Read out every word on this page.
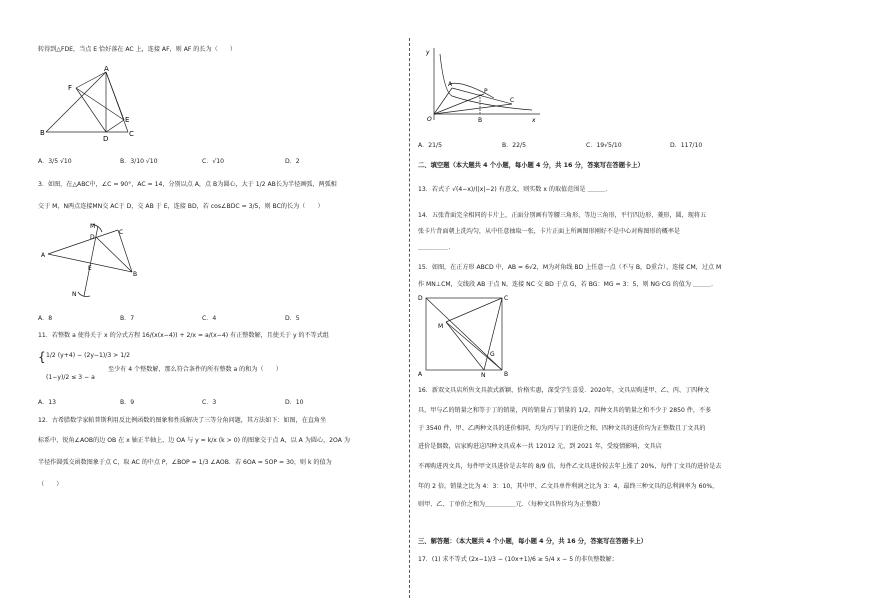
转得到△FDE，当点 E 恰好落在 AC 上，连接 AF，则 AF 的长为（　　）
A
F
B
D
E
C
A．3/5 √10	B．3/10 √10	C．√10	D．2
3．如图，在△ABC中，∠C = 90°，AC = 14，分别以点 A，点 B为圆心，大于 1/2 AB长为半径画弧，两弧相
交于 M，N两点连接MN交 AC于 D，交 AB 于 E，连接 BD，若 cos∠BDC = 3/5，则 BC的长为（　　）
M
D
C
A
E
B
N
A．8	B．7	C．4	D．5
11．若整数 a 使得关于 x 的分式方程 16/(x(x−4)) + 2/x = a/(x−4) 有正整数解，且使关于 y 的不等式组
{ 1/2 (y+4) − (2y−1)/3 > 1/2
(1−y)/2 ≤ 3 − a
至少有 4 个整数解，那么符合条件的所有整数 a 的和为（　　）
A．13	B．9	C．3	D．10
12．古希腊数学家帕普斯利用反比例函数的图象和性质解决了三等分角问题，其方法如下：如图，在直角坐
标系中，锐角∠AOB的边 OB 在 x 轴正半轴上，边 OA 与 y = k/x (k > 0) 的图象交于点 A，以 A 为圆心，2OA 为
半径作圆弧交函数图象于点 C，取 AC 的中点 P，∠BOP = 1/3 ∠AOB．若 6OA = 5OP = 30，则 k 的值为
（　　）
y
A
P
C
O	B	x
A．21/5	B．22/5	C．19√5/10	D．117/10
二、填空题（本大题共 4 个小题，每小题 4 分，共 16 分，答案写在答题卡上）
13．若式子 √(4−x)/(|x|−2) 有意义，则实数 x 的取值范围是 ＿＿＿．
14．五张背面完全相同的卡片上，正面分别画有等腰三角形，等边三角形，平行四边形，菱形，圆，现将五
张卡片背面朝上洗均匀，从中任意抽取一张，卡片正面上所画图形刚好不是中心对称图形的概率是
＿＿＿＿＿．
15．如图，在正方形 ABCD 中，AB = 6√2，M为对角线 BD 上任意一点（不与 B，D重合），连接 CM，过点 M
作 MN⊥CM，交线段 AB 于点 N，连接 NC 交 BD 于点 G，若 BG：MG = 3：5，则 NG·CG 的值为 ＿＿＿．
D	C
M
G
A	N	B
16．新双文具店所售文具款式新颖、价格实惠，深受学生喜爱．2020年，文具店购进甲、乙、丙、丁四种文
具，甲与乙的销量之和等于丁的销量，丙的销量占丁销量的 1/2，四种文具的销量之和不少于 2850 件，不多
于 3540 件，甲、乙两种文具的进价相同，均为丙与丁的进价之和，四种文具的进价均为正整数且丁文具的
进价是偶数，店家购进这四种文具成本一共 12012 元，到 2021 年，受疫情影响，文具店
不再购进丙文具，每件甲文具进价是去年的 8/9 倍，每件乙文具进价较去年上涨了 20%，每件丁文具的进价是去
年的 2 倍，销量之比为 4：3：10，其中甲、乙文具单件利润之比为 3：4，最终三种文具的总利润率为 60%，
则甲、乙、丁单价之和为＿＿＿＿＿元．（每种文具售价均为正整数）
三、解答题：（本大题共 4 个小题，每小题 4 分，共 16 分，答案写在答题卡上）
17．(1) 求不等式 (2x−1)/3 − (10x+1)/6 ≥ 5/4 x − 5 的非负整数解；
